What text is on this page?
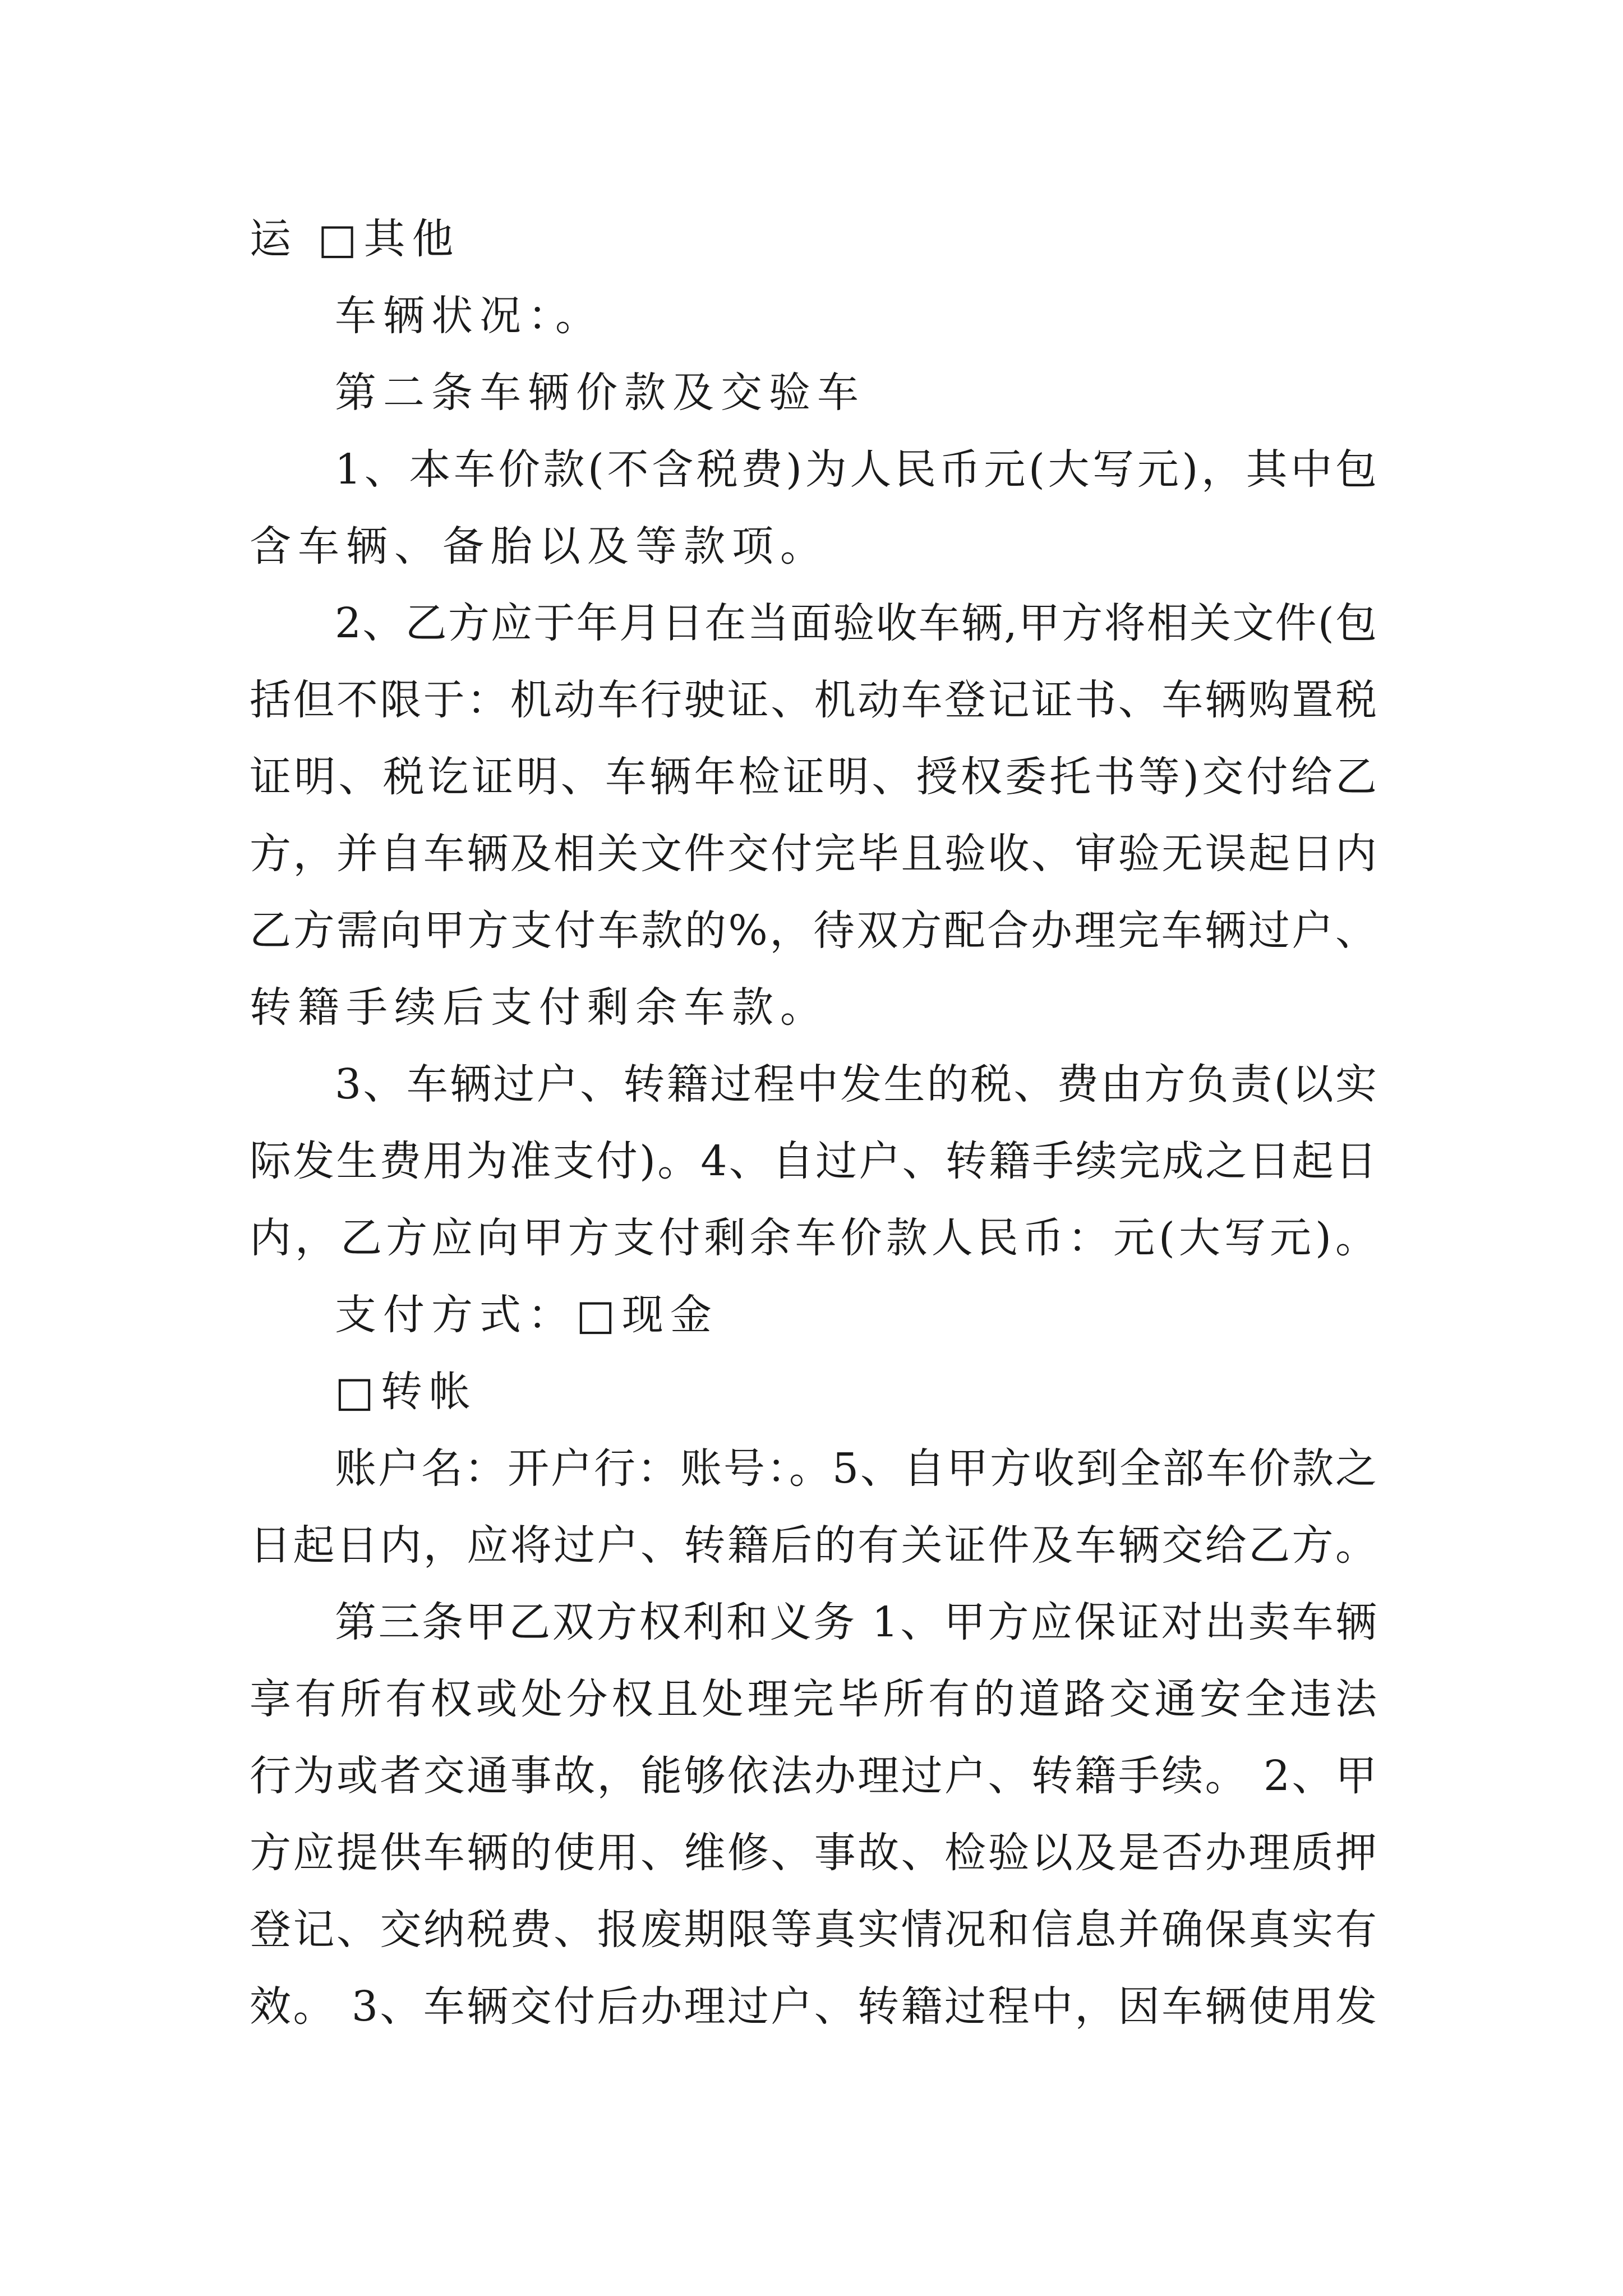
运 □其他
车辆状况：。
第二条车辆价款及交验车
1、本车价款(不含税费)为人民币元(大写元)，其中包
含车辆、备胎以及等款项。
2、乙方应于年月日在当面验收车辆,甲方将相关文件(包
括但不限于：机动车行驶证、机动车登记证书、车辆购置税
证明、税讫证明、车辆年检证明、授权委托书等)交付给乙
方，并自车辆及相关文件交付完毕且验收、审验无误起日内
乙方需向甲方支付车款的%，待双方配合办理完车辆过户、
转籍手续后支付剩余车款。
3、车辆过户、转籍过程中发生的税、费由方负责(以实
际发生费用为准支付)。4、自过户、转籍手续完成之日起日
内，乙方应向甲方支付剩余车价款人民币：元(大写元)。
支付方式：□现金
□转帐
账户名：开户行：账号：。5、自甲方收到全部车价款之
日起日内，应将过户、转籍后的有关证件及车辆交给乙方。
第三条甲乙双方权利和义务 1、甲方应保证对出卖车辆
享有所有权或处分权且处理完毕所有的道路交通安全违法
行为或者交通事故，能够依法办理过户、转籍手续。 2、甲
方应提供车辆的使用、维修、事故、检验以及是否办理质押
登记、交纳税费、报废期限等真实情况和信息并确保真实有
效。 3、车辆交付后办理过户、转籍过程中，因车辆使用发
